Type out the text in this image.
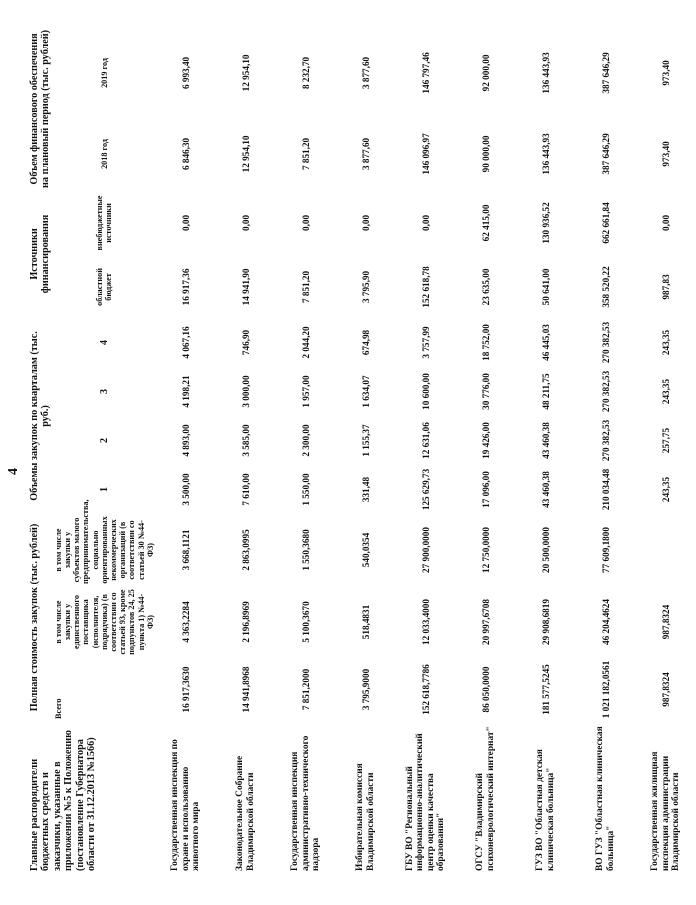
4
Главные распорядители бюджетных средств и заказчики, указанные в приложении №5 к Положению (постановление Губернатора области от 31.12.2013 №1566)	Полная стоимость закупок (тыс. рублей)			Объемы закупок по кварталам (тыс. руб.)				Источники финансирования		Объем финансового обеспечения на плановый период (тыс. рублей)	
	Всего	в том числе закупки у единственного поставщика (исполнителя, подрядчика) (в соответствии со статьей 93, кроме подпунктов 24, 25 пункта 1) №44-ФЗ)	в том числе закупки у субъектов малого предпринимательства, социально ориентированных некоммерческих организаций (в соответствии со статьей 30 №44-ФЗ)	1	2	3	4	областной бюджет	внебюджетные источники	2018 год	2019 год
Государственная инспекция по охране и использованию животного мира	16 917,3630	4 363,2284	3 668,1121	3 500,00	4 893,00	4 198,21	4 067,16	16 917,36	0,00	6 846,30	6 993,40
Законодательное Собрание Владимирской области	14 941,8968	2 196,8969	2 863,0995	7 610,00	3 585,00	3 000,00	746,90	14 941,90	0,00	12 954,10	12 954,10
Государственная инспекция административно-технического надзора	7 851,2000	5 100,3670	1 550,3680	1 550,00	2 300,00	1 957,00	2 044,20	7 851,20	0,00	7 851,20	8 232,70
Избирательная комиссия Владимирской области	3 795,9000	518,4831	540,0354	331,48	1 155,37	1 634,07	674,98	3 795,90	0,00	3 877,60	3 877,60
ГБУ ВО "Региональный информационно-аналитический центр оценки качества образования"	152 618,7786	12 033,4000	27 900,0000	125 629,73	12 631,06	10 600,00	3 757,99	152 618,78	0,00	146 096,97	146 797,46
ОГСУ "Владимирский психоневрологический интернат"	86 050,0000	20 997,6708	12 750,0000	17 096,00	19 426,00	30 776,00	18 752,00	23 635,00	62 415,00	90 000,00	92 000,00
ГУЗ ВО "Областная детская клиническая больница"	181 577,5245	29 908,6819	20 500,0000	43 460,38	43 460,38	48 211,75	46 445,03	50 641,00	130 936,52	136 443,93	136 443,93
ВО ГУЗ "Областная клиническая больница"	1 021 182,0561	46 204,4624	77 609,1800	210 034,48	270 382,53	270 382,53	270 382,53	358 520,22	662 661,84	387 646,29	387 646,29
Государственная жилищная инспекция администрации Владимирской области	987,8324	987,8324		243,35	257,75	243,35	243,35	987,83	0,00	973,40	973,40
